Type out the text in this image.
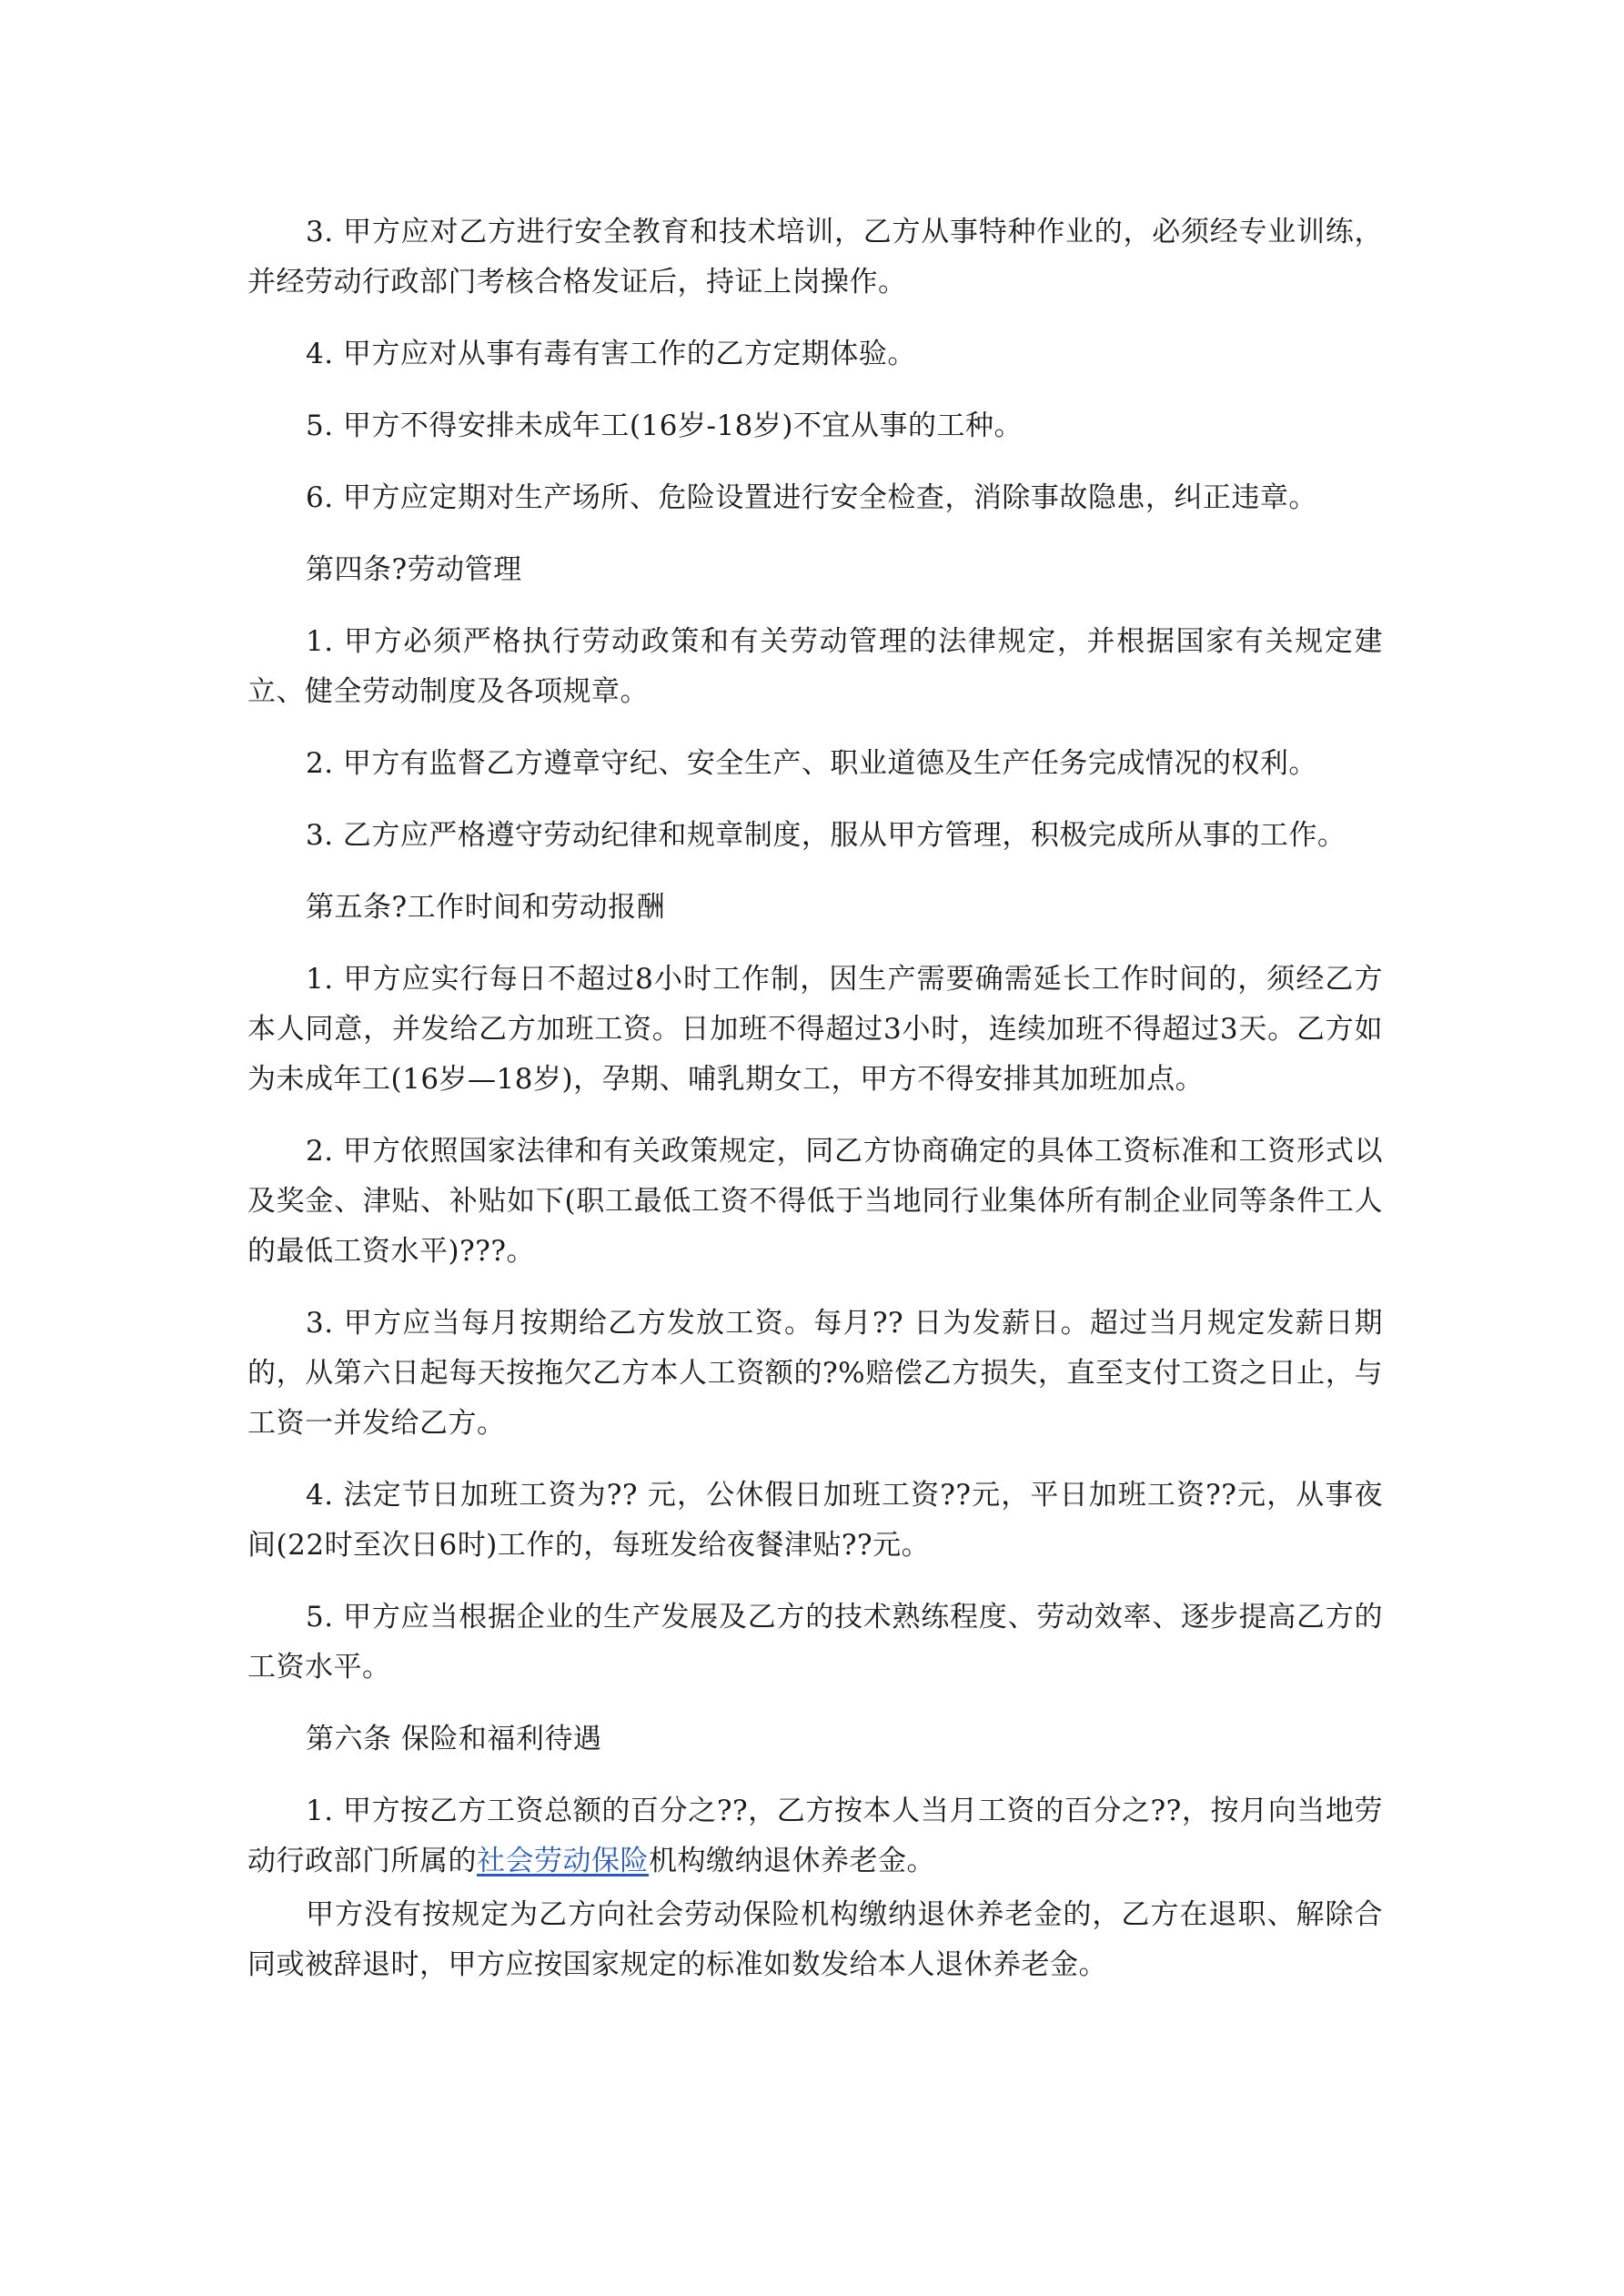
3. 甲方应对乙方进行安全教育和技术培训，乙方从事特种作业的，必须经专业训练，并经劳动行政部门考核合格发证后，持证上岗操作。

4. 甲方应对从事有毒有害工作的乙方定期体验。

5. 甲方不得安排未成年工(16岁-18岁)不宜从事的工种。

6. 甲方应定期对生产场所、危险设置进行安全检查，消除事故隐患，纠正违章。

第四条?劳动管理

1. 甲方必须严格执行劳动政策和有关劳动管理的法律规定，并根据国家有关规定建立、健全劳动制度及各项规章。

2. 甲方有监督乙方遵章守纪、安全生产、职业道德及生产任务完成情况的权利。

3. 乙方应严格遵守劳动纪律和规章制度，服从甲方管理，积极完成所从事的工作。

第五条?工作时间和劳动报酬

1. 甲方应实行每日不超过8小时工作制，因生产需要确需延长工作时间的，须经乙方本人同意，并发给乙方加班工资。日加班不得超过3小时，连续加班不得超过3天。乙方如为未成年工(16岁—18岁)，孕期、哺乳期女工，甲方不得安排其加班加点。

2. 甲方依照国家法律和有关政策规定，同乙方协商确定的具体工资标准和工资形式以及奖金、津贴、补贴如下(职工最低工资不得低于当地同行业集体所有制企业同等条件工人的最低工资水平)???。

3. 甲方应当每月按期给乙方发放工资。每月?? 日为发薪日。超过当月规定发薪日期的，从第六日起每天按拖欠乙方本人工资额的?%赔偿乙方损失，直至支付工资之日止，与工资一并发给乙方。

4. 法定节日加班工资为?? 元，公休假日加班工资??元，平日加班工资??元，从事夜间(22时至次日6时)工作的，每班发给夜餐津贴??元。

5. 甲方应当根据企业的生产发展及乙方的技术熟练程度、劳动效率、逐步提高乙方的工资水平。

第六条 保险和福利待遇

1. 甲方按乙方工资总额的百分之??，乙方按本人当月工资的百分之??，按月向当地劳动行政部门所属的社会劳动保险机构缴纳退休养老金。

甲方没有按规定为乙方向社会劳动保险机构缴纳退休养老金的，乙方在退职、解除合同或被辞退时，甲方应按国家规定的标准如数发给本人退休养老金。
